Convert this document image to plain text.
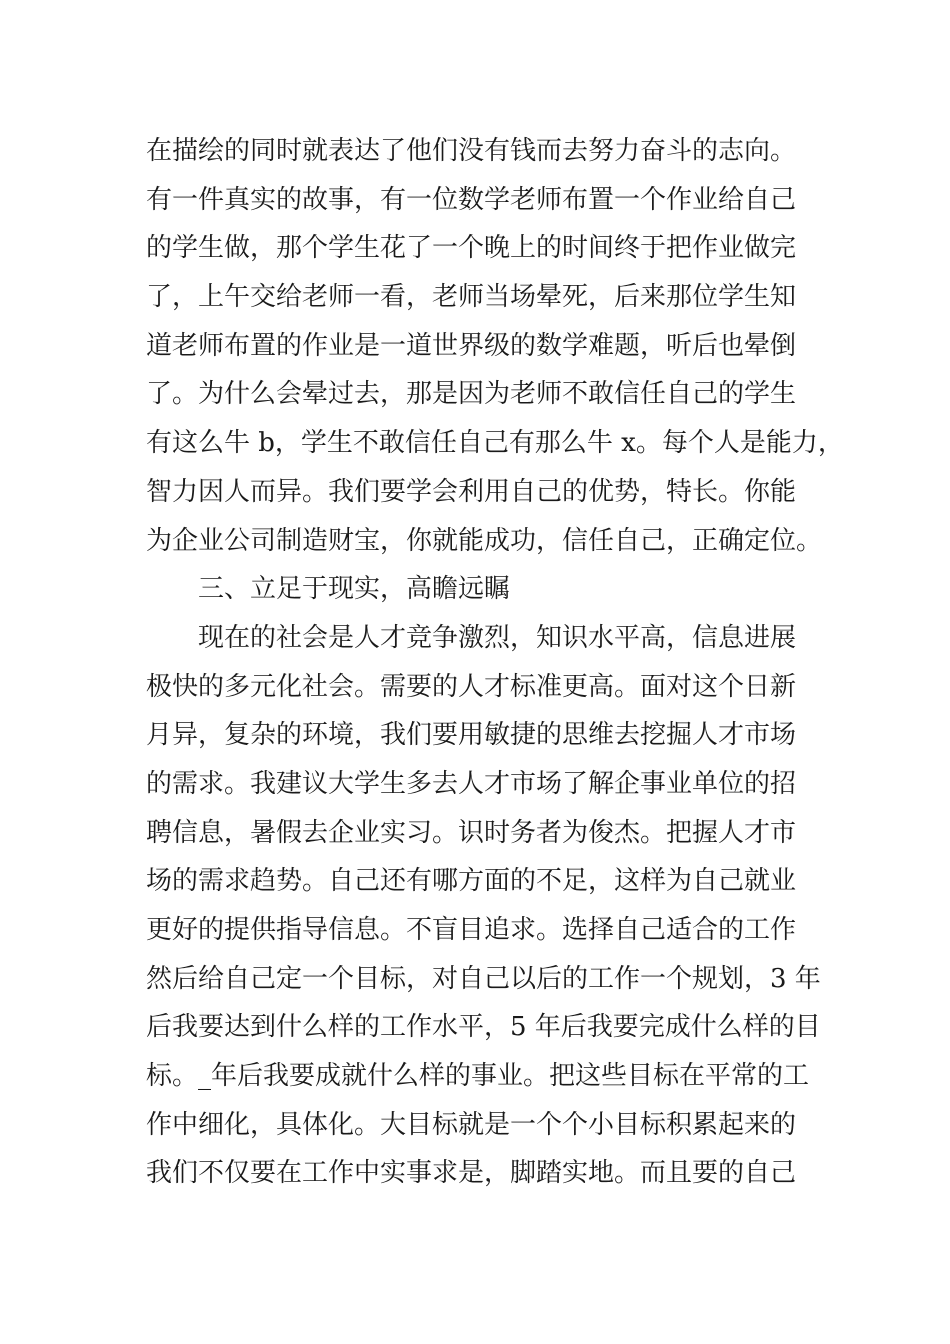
在描绘的同时就表达了他们没有钱而去努力奋斗的志向。
有一件真实的故事，有一位数学老师布置一个作业给自己
的学生做，那个学生花了一个晚上的时间终于把作业做完
了，上午交给老师一看，老师当场晕死，后来那位学生知
道老师布置的作业是一道世界级的数学难题，听后也晕倒
了。为什么会晕过去，那是因为老师不敢信任自己的学生
有这么牛 b，学生不敢信任自己有那么牛 x。每个人是能力，
智力因人而异。我们要学会利用自己的优势，特长。你能
为企业公司制造财宝，你就能成功，信任自己，正确定位。
三、立足于现实，高瞻远瞩
现在的社会是人才竞争激烈，知识水平高，信息进展
极快的多元化社会。需要的人才标准更高。面对这个日新
月异，复杂的环境，我们要用敏捷的思维去挖掘人才市场
的需求。我建议大学生多去人才市场了解企事业单位的招
聘信息，暑假去企业实习。识时务者为俊杰。把握人才市
场的需求趋势。自己还有哪方面的不足，这样为自己就业
更好的提供指导信息。不盲目追求。选择自己适合的工作
然后给自己定一个目标，对自己以后的工作一个规划，3 年
后我要达到什么样的工作水平，5 年后我要完成什么样的目
标。_年后我要成就什么样的事业。把这些目标在平常的工
作中细化，具体化。大目标就是一个个小目标积累起来的
我们不仅要在工作中实事求是，脚踏实地。而且要的自己
